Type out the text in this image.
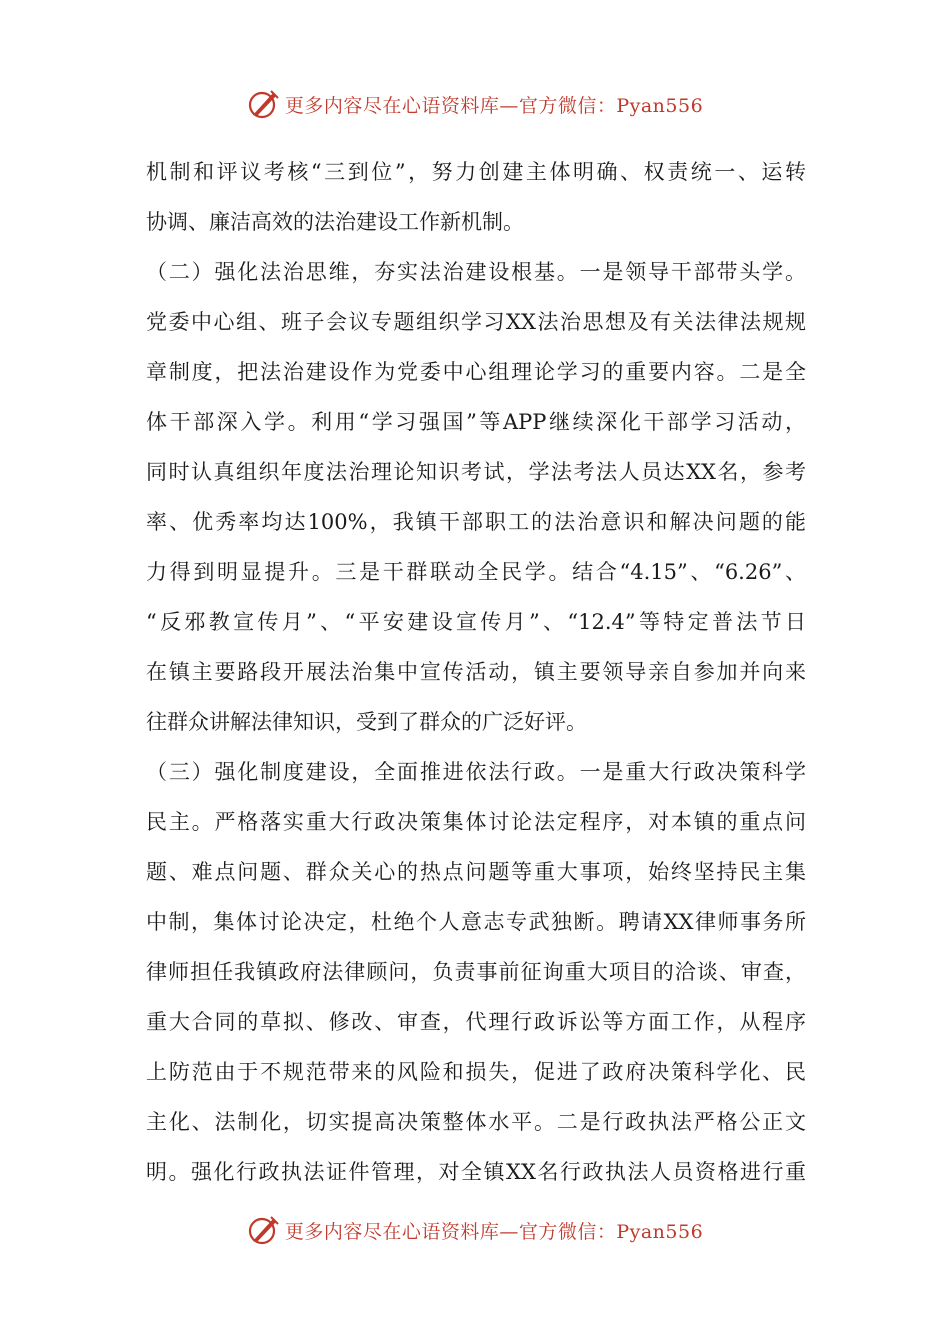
更多内容尽在心语资料库—官方微信：Pyan556
机制和评议考核“三到位”，努力创建主体明确、权责统一、运转
协调、廉洁高效的法治建设工作新机制。
（二）强化法治思维，夯实法治建设根基。一是领导干部带头学。
党委中心组、班子会议专题组织学习XX法治思想及有关法律法规规
章制度，把法治建设作为党委中心组理论学习的重要内容。二是全
体干部深入学。利用“学习强国”等APP继续深化干部学习活动，
同时认真组织年度法治理论知识考试，学法考法人员达XX名，参考
率、优秀率均达100%，我镇干部职工的法治意识和解决问题的能
力得到明显提升。三是干群联动全民学。结合“4.15”、“6.26”、
“反邪教宣传月”、“平安建设宣传月”、“12.4”等特定普法节日
在镇主要路段开展法治集中宣传活动，镇主要领导亲自参加并向来
往群众讲解法律知识，受到了群众的广泛好评。
（三）强化制度建设，全面推进依法行政。一是重大行政决策科学
民主。严格落实重大行政决策集体讨论法定程序，对本镇的重点问
题、难点问题、群众关心的热点问题等重大事项，始终坚持民主集
中制，集体讨论决定，杜绝个人意志专武独断。聘请XX律师事务所
律师担任我镇政府法律顾问，负责事前征询重大项目的洽谈、审查，
重大合同的草拟、修改、审查，代理行政诉讼等方面工作，从程序
上防范由于不规范带来的风险和损失，促进了政府决策科学化、民
主化、法制化，切实提高决策整体水平。二是行政执法严格公正文
明。强化行政执法证件管理，对全镇XX名行政执法人员资格进行重
更多内容尽在心语资料库—官方微信：Pyan556
